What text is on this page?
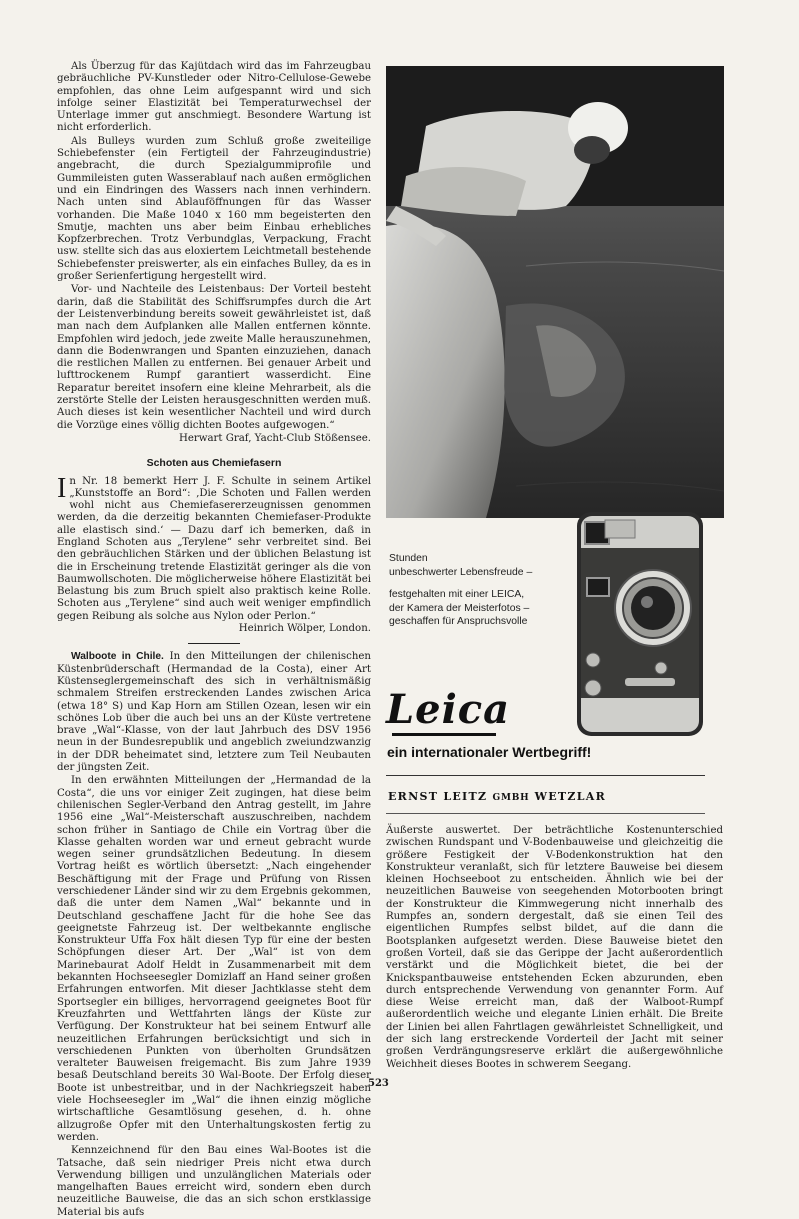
Als Überzug für das Kajütdach wird das im Fahrzeugbau gebräuchliche PV-Kunstleder oder Nitro-Cellulose-Gewebe empfohlen, das ohne Leim aufgespannt wird und sich infolge seiner Elastizität bei Temperaturwechsel der Unterlage immer gut anschmiegt. Besondere Wartung ist nicht erforderlich.

Als Bulleys wurden zum Schluß große zweiteilige Schiebefenster (ein Fertigteil der Fahrzeugindustrie) angebracht, die durch Spezialgummiprofile und Gummileisten guten Wasserablauf nach außen ermöglichen und ein Eindringen des Wassers nach innen verhindern. Nach unten sind Ablauföffnungen für das Wasser vorhanden. Die Maße 1040 x 160 mm begeisterten den Smutje, machten uns aber beim Einbau erhebliches Kopfzerbrechen. Trotz Verbundglas, Verpackung, Fracht usw. stellte sich das aus eloxiertem Leichtmetall bestehende Schiebefenster preiswerter, als ein einfaches Bulley, da es in großer Serienfertigung hergestellt wird.

Vor- und Nachteile des Leistenbaus: Der Vorteil besteht darin, daß die Stabilität des Schiffsrumpfes durch die Art der Leistenverbindung bereits soweit gewährleistet ist, daß man nach dem Aufplanken alle Mallen entfernen könnte. Empfohlen wird jedoch, jede zweite Malle herauszunehmen, dann die Bodenwrangen und Spanten einzuziehen, danach die restlichen Mallen zu entfernen. Bei genauer Arbeit und lufttrockenem Rumpf garantiert wasserdicht. Eine Reparatur bereitet insofern eine kleine Mehrarbeit, als die zerstörte Stelle der Leisten herausgeschnitten werden muß. Auch dieses ist kein wesentlicher Nachteil und wird durch die Vorzüge eines völlig dichten Bootes aufgewogen.“

Herwart Graf, Yacht-Club Stößensee.

Schoten aus Chemiefasern

In Nr. 18 bemerkt Herr J. F. Schulte in seinem Artikel „Kunststoffe an Bord“: ‚Die Schoten und Fallen werden wohl nicht aus Chemiefasererzeugnissen genommen werden, da die derzeitig bekannten Chemiefaser-Produkte alle elastisch sind.‘ — Dazu darf ich bemerken, daß in England Schoten aus „Terylene“ sehr verbreitet sind. Bei den gebräuchlichen Stärken und der üblichen Belastung ist die in Erscheinung tretende Elastizität geringer als die von Baumwollschoten. Die möglicherweise höhere Elastizität bei Belastung bis zum Bruch spielt also praktisch keine Rolle. Schoten aus „Terylene“ sind auch weit weniger empfindlich gegen Reibung als solche aus Nylon oder Perlon.“
Heinrich Wölper, London.

Walboote in Chile. In den Mitteilungen der chilenischen Küstenbrüderschaft (Hermandad de la Costa), einer Art Küstenseglergemeinschaft des sich in verhältnismäßig schmalem Streifen erstreckenden Landes zwischen Arica (etwa 18° S) und Kap Horn am Stillen Ozean, lesen wir ein schönes Lob über die auch bei uns an der Küste vertretene brave „Wal“-Klasse, von der laut Jahrbuch des DSV 1956 neun in der Bundesrepublik und angeblich zweiundzwanzig in der DDR beheimatet sind, letztere zum Teil Neubauten der jüngsten Zeit.

In den erwähnten Mitteilungen der „Hermandad de la Costa“, die uns vor einiger Zeit zugingen, hat diese beim chilenischen Segler-Verband den Antrag gestellt, im Jahre 1956 eine „Wal“-Meisterschaft auszuschreiben, nachdem schon früher in Santiago de Chile ein Vortrag über die Klasse gehalten worden war und erneut gebracht wurde wegen seiner grundsätzlichen Bedeutung. In diesem Vortrag heißt es wörtlich übersetzt: „Nach eingehender Beschäftigung mit der Frage und Prüfung von Rissen verschiedener Länder sind wir zu dem Ergebnis gekommen, daß die unter dem Namen „Wal“ bekannte und in Deutschland geschaffene Jacht für die hohe See das geeignetste Fahrzeug ist. Der weltbekannte englische Konstrukteur Uffa Fox hält diesen Typ für eine der besten Schöpfungen dieser Art. Der „Wal“ ist von dem Marinebaurat Adolf Heldt in Zusammenarbeit mit dem bekannten Hochseesegler Domizlaff an Hand seiner großen Erfahrungen entworfen. Mit dieser Jachtklasse steht dem Sportsegler ein billiges, hervorragend geeignetes Boot für Kreuzfahrten und Wettfahrten längs der Küste zur Verfügung. Der Konstrukteur hat bei seinem Entwurf alle neuzeitlichen Erfahrungen berücksichtigt und sich in verschiedenen Punkten von überholten Grundsätzen veralteter Bauweisen freigemacht. Bis zum Jahre 1939 besaß Deutschland bereits 30 Wal-Boote. Der Erfolg dieser Boote ist unbestreitbar, und in der Nachkriegszeit haben viele Hochseesegler im „Wal“ die ihnen einzig mögliche wirtschaftliche Gesamtlösung gesehen, d. h. ohne allzugroße Opfer mit den Unterhaltungskosten fertig zu werden.

Kennzeichnend für den Bau eines Wal-Bootes ist die Tatsache, daß sein niedriger Preis nicht etwa durch Verwendung billigen und unzulänglichen Materials oder mangelhaften Baues erreicht wird, sondern eben durch neuzeitliche Bauweise, die das an sich schon erstklassige Material bis aufs

Stunden
unbeschwerter Lebensfreude –
festgehalten mit einer LEICA,
der Kamera der Meisterfotos –
geschaffen für Anspruchsvolle
Leica
ein internationaler Wertbegriff!
ERNST LEITZ GMBH WETZLAR

Äußerste auswertet. Der beträchtliche Kostenunterschied zwischen Rundspant und V-Bodenbauweise und gleichzeitig die größere Festigkeit der V-Bodenkonstruktion hat den Konstrukteur veranlaßt, sich für letztere Bauweise bei diesem kleinen Hochseeboot zu entscheiden. Ähnlich wie bei der neuzeitlichen Bauweise von seegehenden Motorbooten bringt der Konstrukteur die Kimmwegerung nicht innerhalb des Rumpfes an, sondern dergestalt, daß sie einen Teil des eigentlichen Rumpfes selbst bildet, auf die dann die Bootsplanken aufgesetzt werden. Diese Bauweise bietet den großen Vorteil, daß sie das Gerippe der Jacht außerordentlich verstärkt und die Möglichkeit bietet, die bei der Knickspantbauweise entstehenden Ecken abzurunden, eben durch entsprechende Verwendung von genannter Form. Auf diese Weise erreicht man, daß der Walboot-Rumpf außerordentlich weiche und elegante Linien erhält. Die Breite der Linien bei allen Fahrtlagen gewährleistet Schnelligkeit, und der sich lang erstreckende Vorderteil der Jacht mit seiner großen Verdrängungsreserve erklärt die außergewöhnliche Weichheit dieses Bootes in schwerem Seegang.

523
